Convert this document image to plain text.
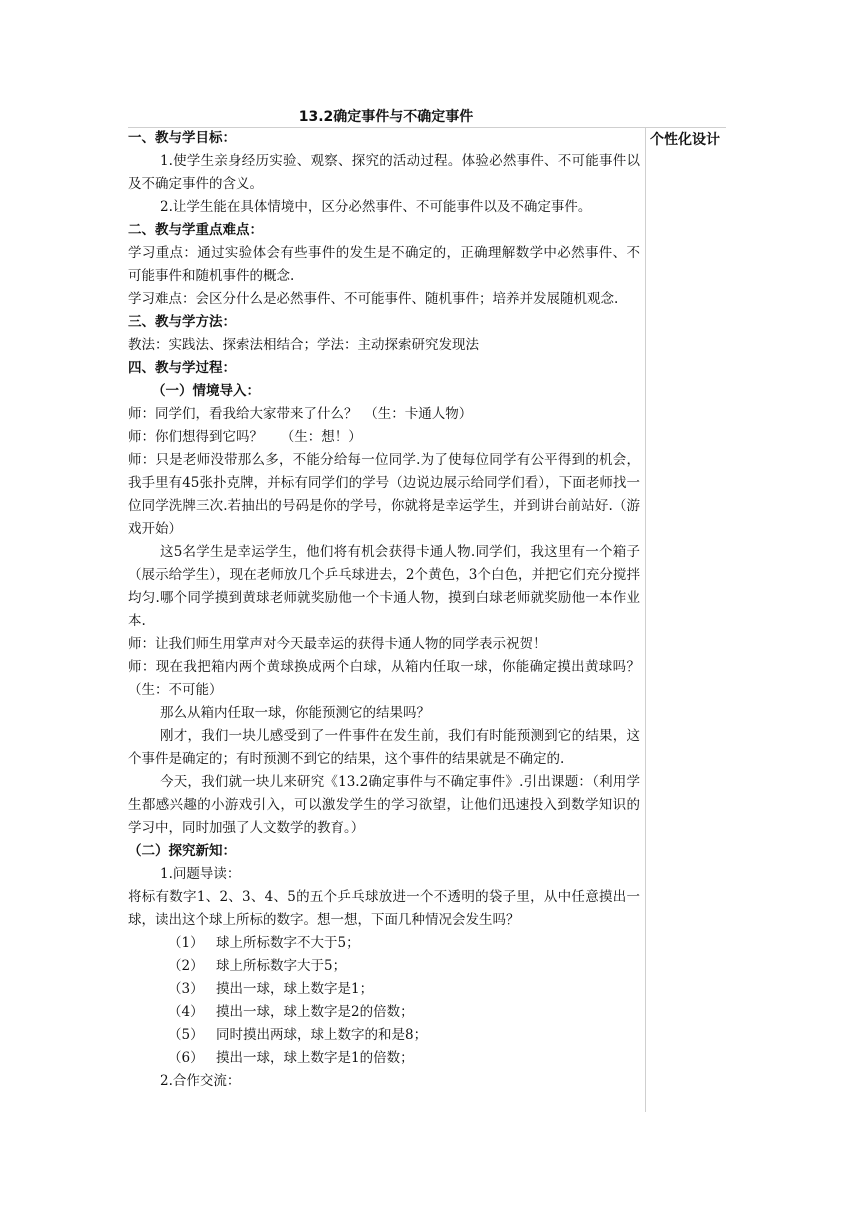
13.2确定事件与不确定事件
个性化设计
一、教与学目标：
1.使学生亲身经历实验、观察、探究的活动过程。体验必然事件、不可能事件以及不确定事件的含义。
2.让学生能在具体情境中，区分必然事件、不可能事件以及不确定事件。
二、教与学重点难点：
学习重点：通过实验体会有些事件的发生是不确定的，正确理解数学中必然事件、不可能事件和随机事件的概念.
学习难点：会区分什么是必然事件、不可能事件、随机事件；培养并发展随机观念.
三、教与学方法：
教法：实践法、探索法相结合；学法：主动探索研究发现法
四、教与学过程：
（一）情境导入：
师：同学们，看我给大家带来了什么？　（生：卡通人物）
师：你们想得到它吗？　 （生：想！）
师：只是老师没带那么多，不能分给每一位同学.为了使每位同学有公平得到的机会，我手里有45张扑克牌，并标有同学们的学号（边说边展示给同学们看），下面老师找一位同学洗牌三次.若抽出的号码是你的学号，你就将是幸运学生，并到讲台前站好.（游戏开始）
这5名学生是幸运学生，他们将有机会获得卡通人物.同学们，我这里有一个箱子（展示给学生），现在老师放几个乒乓球进去，2个黄色，3个白色，并把它们充分搅拌均匀.哪个同学摸到黄球老师就奖励他一个卡通人物，摸到白球老师就奖励他一本作业本.
师：让我们师生用掌声对今天最幸运的获得卡通人物的同学表示祝贺！
师：现在我把箱内两个黄球换成两个白球，从箱内任取一球，你能确定摸出黄球吗？（生：不可能）
那么从箱内任取一球，你能预测它的结果吗？
刚才，我们一块儿感受到了一件事件在发生前，我们有时能预测到它的结果，这个事件是确定的；有时预测不到它的结果，这个事件的结果就是不确定的.
今天，我们就一块儿来研究《13.2确定事件与不确定事件》.引出课题：（利用学生都感兴趣的小游戏引入，可以激发学生的学习欲望，让他们迅速投入到数学知识的学习中，同时加强了人文数学的教育。）
（二）探究新知：
1.问题导读：
将标有数字1、2、3、4、5的五个乒乓球放进一个不透明的袋子里，从中任意摸出一球，读出这个球上所标的数字。想一想，下面几种情况会发生吗？
（1） 球上所标数字不大于5；
（2） 球上所标数字大于5；
（3） 摸出一球，球上数字是1；
（4） 摸出一球，球上数字是2的倍数；
（5） 同时摸出两球，球上数字的和是8；
（6） 摸出一球，球上数字是1的倍数；
2.合作交流：
